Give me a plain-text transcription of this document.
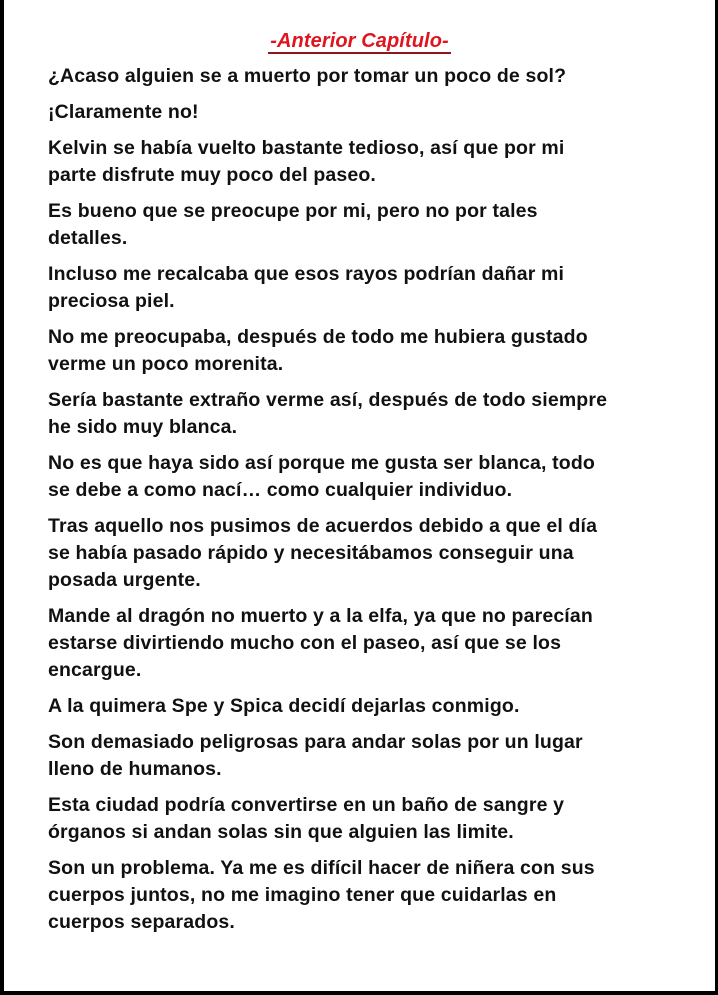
-Anterior Capítulo-

¿Acaso alguien se a muerto por tomar un poco de sol?

¡Claramente no!

Kelvin se había vuelto bastante tedioso, así que por mi
parte disfrute muy poco del paseo.

Es bueno que se preocupe por mi, pero no por tales
detalles.

Incluso me recalcaba que esos rayos podrían dañar mi
preciosa piel.

No me preocupaba, después de todo me hubiera gustado
verme un poco morenita.

Sería bastante extraño verme así, después de todo siempre
he sido muy blanca.

No es que haya sido así porque me gusta ser blanca, todo
se debe a como nací… como cualquier individuo.

Tras aquello nos pusimos de acuerdos debido a que el día
se había pasado rápido y necesitábamos conseguir una
posada urgente.

Mande al dragón no muerto y a la elfa, ya que no parecían
estarse divirtiendo mucho con el paseo, así que se los
encargue.

A la quimera Spe y Spica decidí dejarlas conmigo.

Son demasiado peligrosas para andar solas por un lugar
lleno de humanos.

Esta ciudad podría convertirse en un baño de sangre y
órganos si andan solas sin que alguien las limite.

Son un problema. Ya me es difícil hacer de niñera con sus
cuerpos juntos, no me imagino tener que cuidarlas en
cuerpos separados.
